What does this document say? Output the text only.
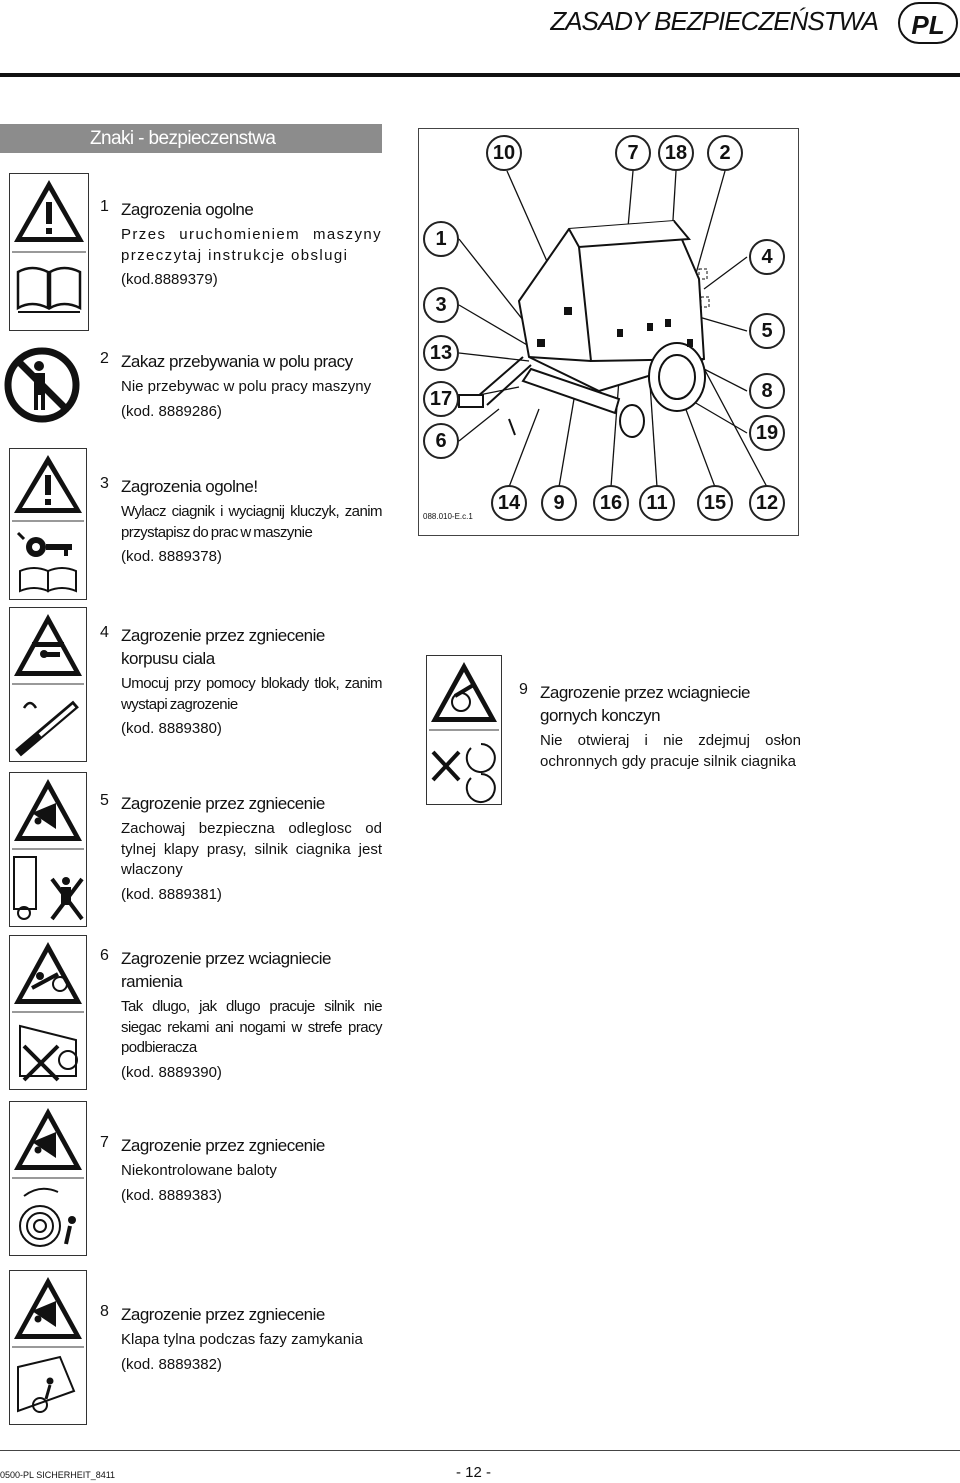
ZASADY BEZPIECZEŃSTWA	PL
Znaki - bezpieczenstwa
1 Zagrozenia ogolne
Przes uruchomieniem maszyny przeczytaj instrukcje obslugi
(kod.8889379)
2 Zakaz przebywania w polu pracy
Nie przebywac w polu pracy maszyny
(kod. 8889286)
3 Zagrozenia ogolne!
Wylacz ciagnik i wyciagnij kluczyk, zanim przystapisz do prac w maszynie
(kod. 8889378)
4 Zagrozenie przez zgniecenie korpusu ciala
Umocuj przy pomocy blokady tlok, zanim wystapi zagrozenie
(kod. 8889380)
5 Zagrozenie przez zgniecenie
Zachowaj bezpieczna odleglosc od tylnej klapy prasy, silnik ciagnika jest wlaczony
(kod. 8889381)
6 Zagrozenie przez wciagniecie ramienia
Tak dlugo, jak dlugo pracuje silnik nie siegac rekami ani nogami w strefe pracy podbieracza
(kod. 8889390)
7 Zagrozenie przez zgniecenie
Niekontrolowane baloty
(kod. 8889383)
8 Zagrozenie przez zgniecenie
Klapa tylna podczas fazy zamykania
(kod. 8889382)
9 Zagrozenie przez wciagniecie gornych konczyn
Nie otwieraj i nie zdejmuj osłon ochronnych gdy pracuje silnik ciagnika
10	7	18	2
1
4
3
5
13
17	8
19
6
14	9	16	11	15	12
088.010-E.c.1
0500-PL SICHERHEIT_8411	- 12 -
